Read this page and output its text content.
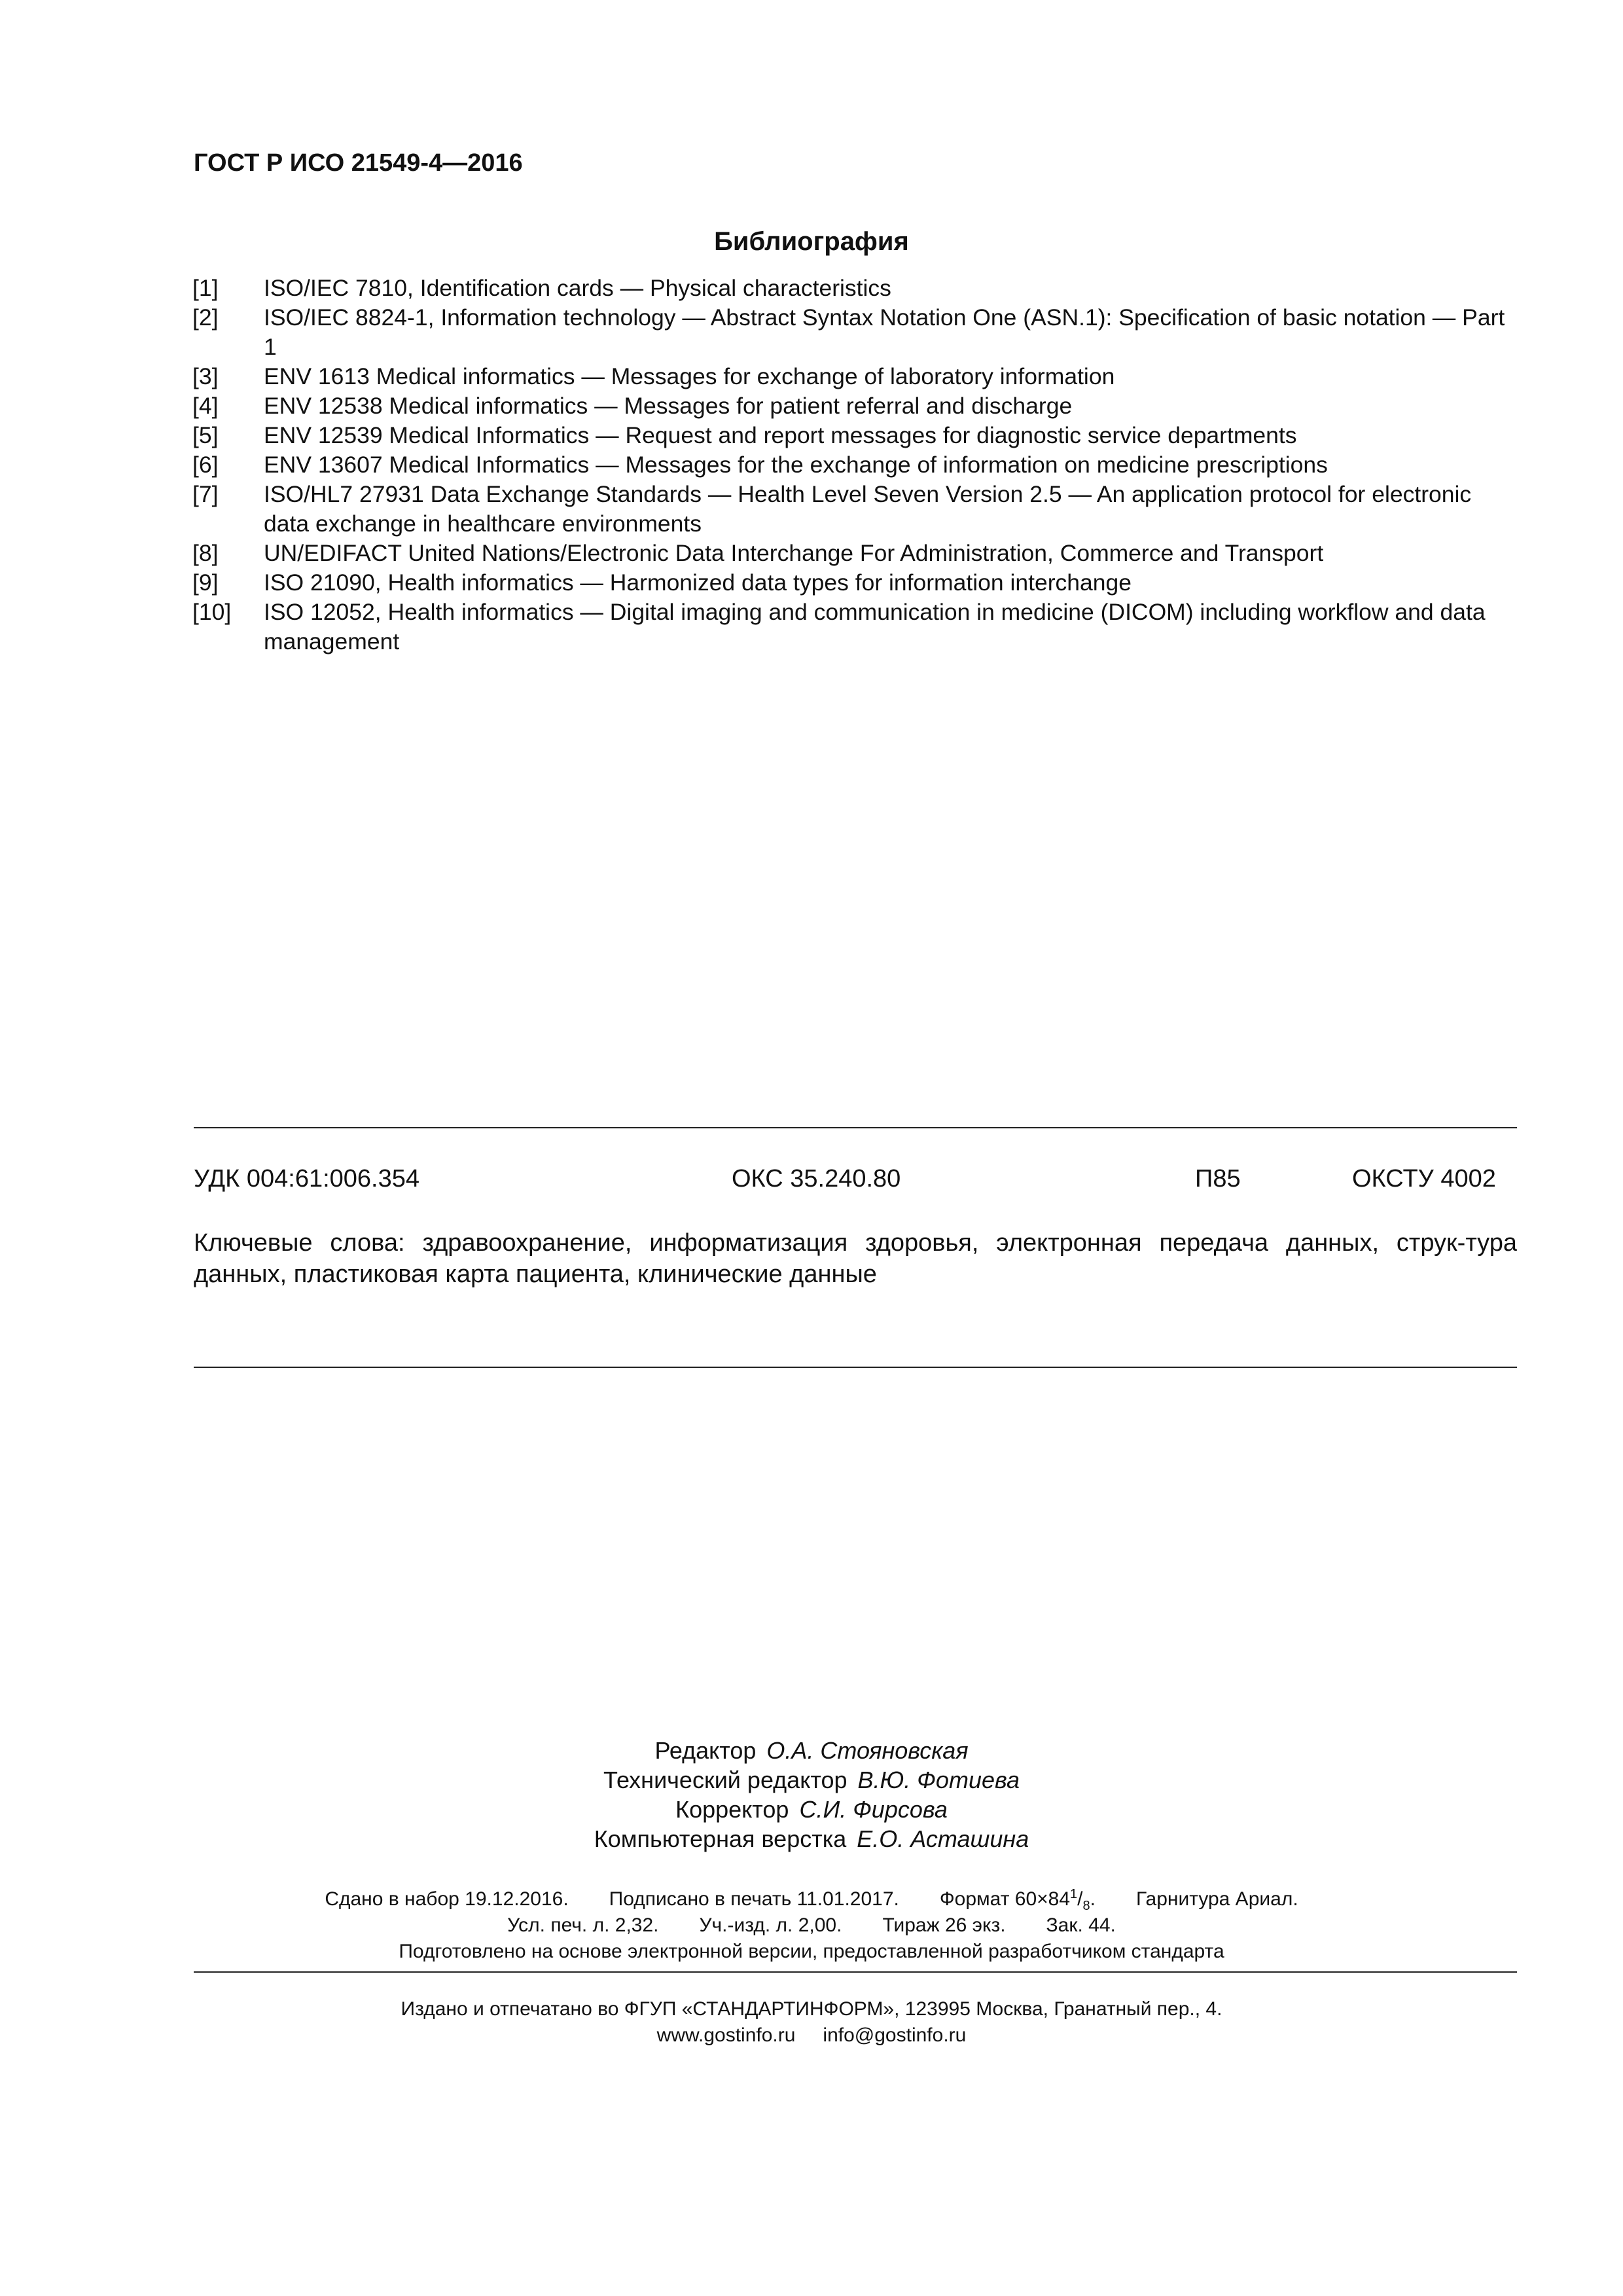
ГОСТ Р ИСО 21549-4—2016
Библиография
[1]	ISO/IEC 7810, Identification cards — Physical characteristics
[2]	ISO/IEC 8824-1, Information technology — Abstract Syntax Notation One (ASN.1): Specification of basic notation — Part 1
[3]	ENV 1613 Medical informatics — Messages for exchange of laboratory information
[4]	ENV 12538 Medical informatics — Messages for patient referral and discharge
[5]	ENV 12539 Medical Informatics — Request and report messages for diagnostic service departments
[6]	ENV 13607 Medical Informatics — Messages for the exchange of information on medicine prescriptions
[7]	ISO/HL7 27931 Data Exchange Standards — Health Level Seven Version 2.5 — An application protocol for electronic data exchange in healthcare environments
[8]	UN/EDIFACT United Nations/Electronic Data Interchange For Administration, Commerce and Transport
[9]	ISO 21090, Health informatics — Harmonized data types for information interchange
[10]	ISO 12052, Health informatics — Digital imaging and communication in medicine (DICOM) including workflow and data management
УДК 004:61:006.354	ОКС 35.240.80	П85	ОКСТУ 4002
Ключевые слова: здравоохранение, информатизация здоровья, электронная передача данных, струк-тура данных, пластиковая карта пациента, клинические данные
Редактор О.А. Стояновская
Технический редактор В.Ю. Фотиева
Корректор С.И. Фирсова
Компьютерная верстка Е.О. Асташина
Сдано в набор 19.12.2016. Подписано в печать 11.01.2017. Формат $60\times 84^1/_8$. Гарнитура Ариал.
Усл. печ. л. 2,32. Уч.-изд. л. 2,00. Тираж 26 экз. Зак. 44.
Подготовлено на основе электронной версии, предоставленной разработчиком стандарта
Издано и отпечатано во ФГУП «СТАНДАРТИНФОРМ», 123995 Москва, Гранатный пер., 4.
www.gostinfo.ru info@gostinfo.ru
